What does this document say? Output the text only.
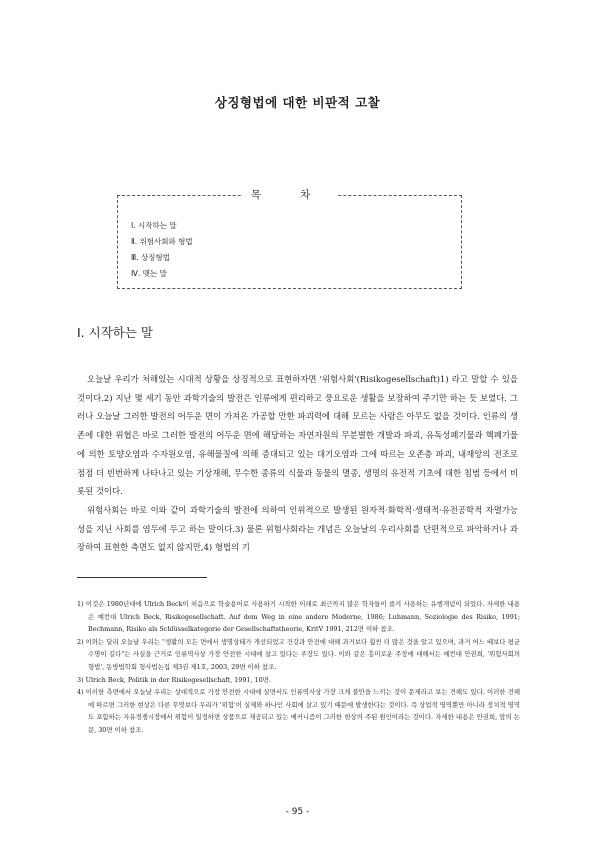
상징형법에 대한 비판적 고찰
목 차
Ⅰ. 시작하는 말
Ⅱ. 위험사회와 형법
Ⅲ. 상징형법
Ⅳ. 맺는 말
Ⅰ. 시작하는 말

오늘날 우리가 처해있는 시대적 상황을 상징적으로 표현하자면 '위험사회'(Risikogesellschaft)1) 라고 말할 수 있을 것이다.2) 지난 몇 세기 동안 과학기술의 발전은 인류에게 편리하고 풍요로운 생활을 보장하여 주기만 하는 듯 보였다. 그러나 오늘날 그러한 발전의 어두운 면이 가져온 가공할 만한 파괴력에 대해 모르는 사람은 아무도 없을 것이다. 인류의 생존에 대한 위협은 바로 그러한 발전의 어두운 면에 해당하는 자연자원의 무분별한 개발과 파괴, 유독성폐기물과 핵폐기물에 의한 토양오염과 수자원오염, 유해물질에 의해 증대되고 있는 대기오염과 그에 따르는 오존층 파괴, 내재앙의 전조로 점점 더 빈번하게 나타나고 있는 기상재해, 무수한 종류의 식물과 동물의 멸종, 생명의 유전적 기초에 대한 침범 등에서 비롯된 것이다.

위험사회는 바로 이와 같이 과학기술의 발전에 의하여 인위적으로 발생된 원자적·화학적·생태적·유전공학적 자멸가능성을 지닌 사회를 염두에 두고 하는 말이다.3) 물론 위험사회라는 개념은 오늘날의 우리사회를 단편적으로 파악하거나 과장하여 표현한 측면도 없지 않지만,4) 형법의 기

1) 이것은 1980년대에 Ulrich Beck이 처음으로 학술용어로 사용하기 시작한 이래로 최근까지 많은 학자들이 즐겨 사용하는 유행개념이 되었다. 자세한 내용은 예컨대 Ulrich Beck, Risikogesellschaft. Auf dem Weg in eine andere Moderne, 1986; Luhmann, Soziologie des Risiko, 1991; Bechmann, Risiko als Schlüsselkategorie der Gesellschaftstheorie, KritV 1991, 212면 이하 참조.
2) 이와는 달리 오늘날 우리는 "생활의 모든 면에서 생명상태가 개선되었고 건강과 안전에 대해 과거보다 훨씬 더 많은 것을 알고 있으며, 과거 어느 때보다 평균수명이 길다"는 사실을 근거로 인류역사상 가장 안전한 시대에 살고 있다는 주장도 있다. 이와 같은 흥미로운 주장에 대해서는 예컨대 안권희, '위험사회의 형법', 동방법학회 형사법논집 제3권 제1호, 2003, 29면 이하 참조.
3) Ulrich Beck, Politik in der Risikogesellschaft, 1991, 10면.
4) 이러한 측면에서 오늘날 우리는 상대적으로 가장 안전한 시대에 살면서도 인류역사상 가장 크게 불안을 느끼는 것이 문제라고 보는 견해도 있다. 이러한 견해에 따르면 그러한 현상은 다른 무엇보다 우리가 '위험'이 실제와 하나인 사회에 살고 있기 때문에 발생한다는 것이다. 즉 상업적 영역뿐만 아니라 정치적 영역도 포함하는 자유경쟁시장에서 위험이 일정하면 상품으로 제공되고 있는 메커니즘이 그러한 현상의 주된 원인이라는 것이다. 자세한 내용은 안권희, 앞의 논문, 30면 이하 참조.
- 95 -
